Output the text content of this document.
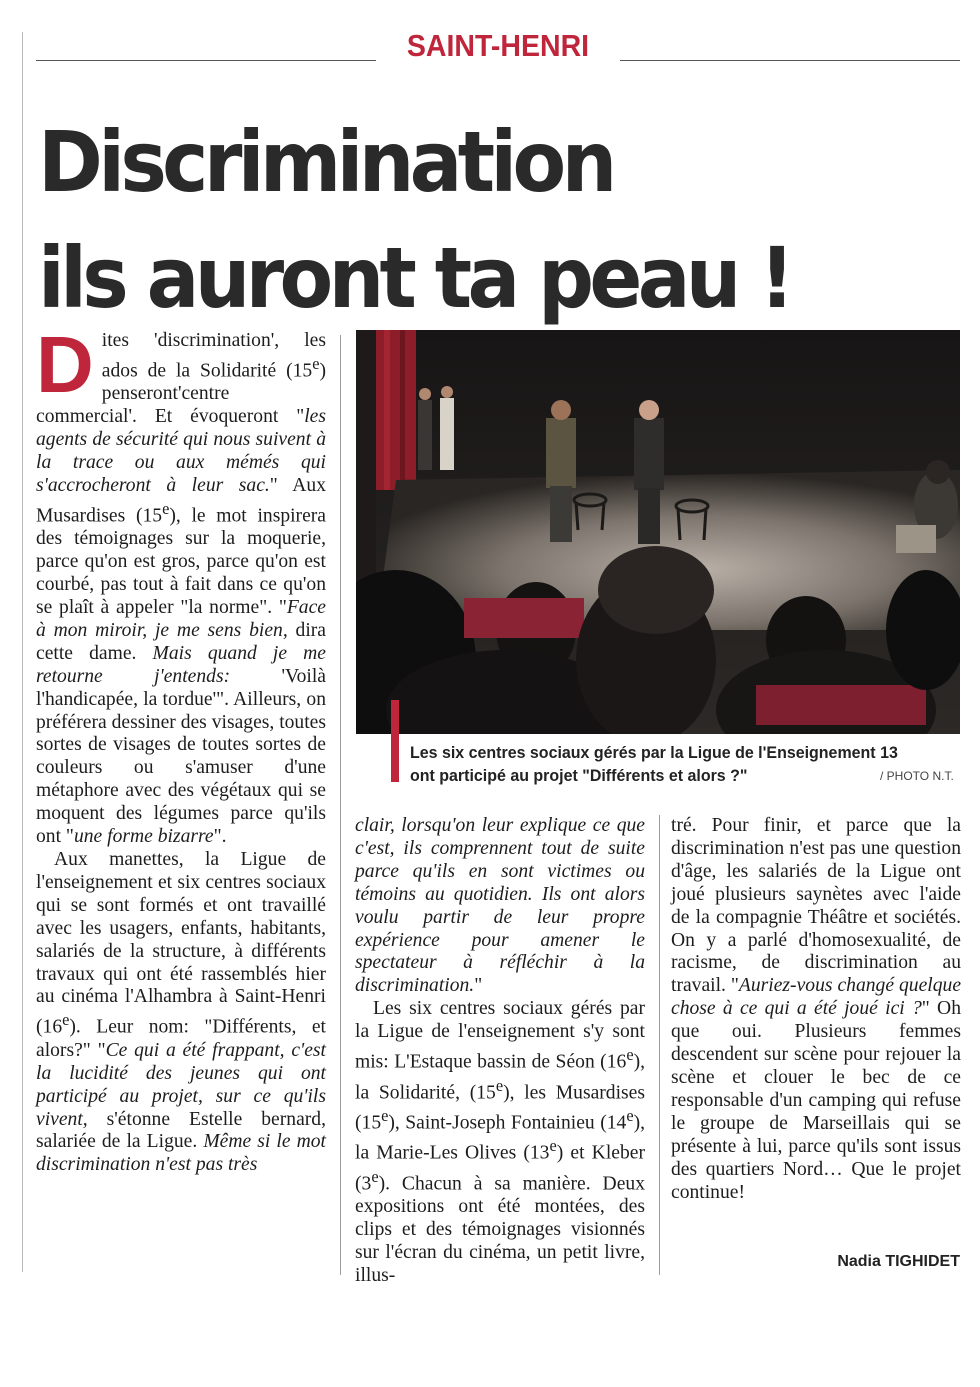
SAINT-HENRI
Discrimination
ils auront ta peau !
Les six centres sociaux gérés par la Ligue de l'Enseignement 13 ont participé au projet "Différents et alors ?"	/ PHOTO N.T.

Dites 'discrimination', les ados de la Solidarité (15e) penseront'centre commercial'. Et évoqueront "les agents de sécurité qui nous suivent à la trace ou aux mémés qui s'accrocheront à leur sac." Aux Musardises (15e), le mot inspirera des témoignages sur la moquerie, parce qu'on est gros, parce qu'on est courbé, pas tout à fait dans ce qu'on se plaît à appeler "la norme". "Face à mon miroir, je me sens bien, dira cette dame. Mais quand je me retourne j'entends: 'Voilà l'handicapée, la tordue'". Ailleurs, on préférera dessiner des visages, toutes sortes de visages de toutes sortes de couleurs ou s'amuser d'une métaphore avec des végétaux qui se moquent des légumes parce qu'ils ont "une forme bizarre".

Aux manettes, la Ligue de l'enseignement et six centres sociaux qui se sont formés et ont travaillé avec les usagers, enfants, habitants, salariés de la structure, à différents travaux qui ont été rassemblés hier au cinéma l'Alhambra à Saint-Henri (16e). Leur nom: "Différents, et alors?" "Ce qui a été frappant, c'est la lucidité des jeunes qui ont participé au projet, sur ce qu'ils vivent, s'étonne Estelle bernard, salariée de la Ligue. Même si le mot discrimination n'est pas très

clair, lorsqu'on leur explique ce que c'est, ils comprennent tout de suite parce qu'ils en sont victimes ou témoins au quotidien. Ils ont alors voulu partir de leur propre expérience pour amener le spectateur à réfléchir à la discrimination."

Les six centres sociaux gérés par la Ligue de l'enseignement s'y sont mis: L'Estaque bassin de Séon (16e), la Solidarité, (15e), les Musardises (15e), Saint-Joseph Fontainieu (14e), la Marie-Les Olives (13e) et Kleber (3e). Chacun à sa manière. Deux expositions ont été montées, des clips et des témoignages visionnés sur l'écran du cinéma, un petit livre, illus-

tré. Pour finir, et parce que la discrimination n'est pas une question d'âge, les salariés de la Ligue ont joué plusieurs saynètes avec l'aide de la compagnie Théâtre et sociétés. On y a parlé d'homosexualité, de racisme, de discrimination au travail. "Auriez-vous changé quelque chose à ce qui a été joué ici ?" Oh que oui. Plusieurs femmes descendent sur scène pour rejouer la scène et clouer le bec de ce responsable d'un camping qui refuse le groupe de Marseillais qui se présente à lui, parce qu'ils sont issus des quartiers Nord… Que le projet continue!

Nadia TIGHIDET
